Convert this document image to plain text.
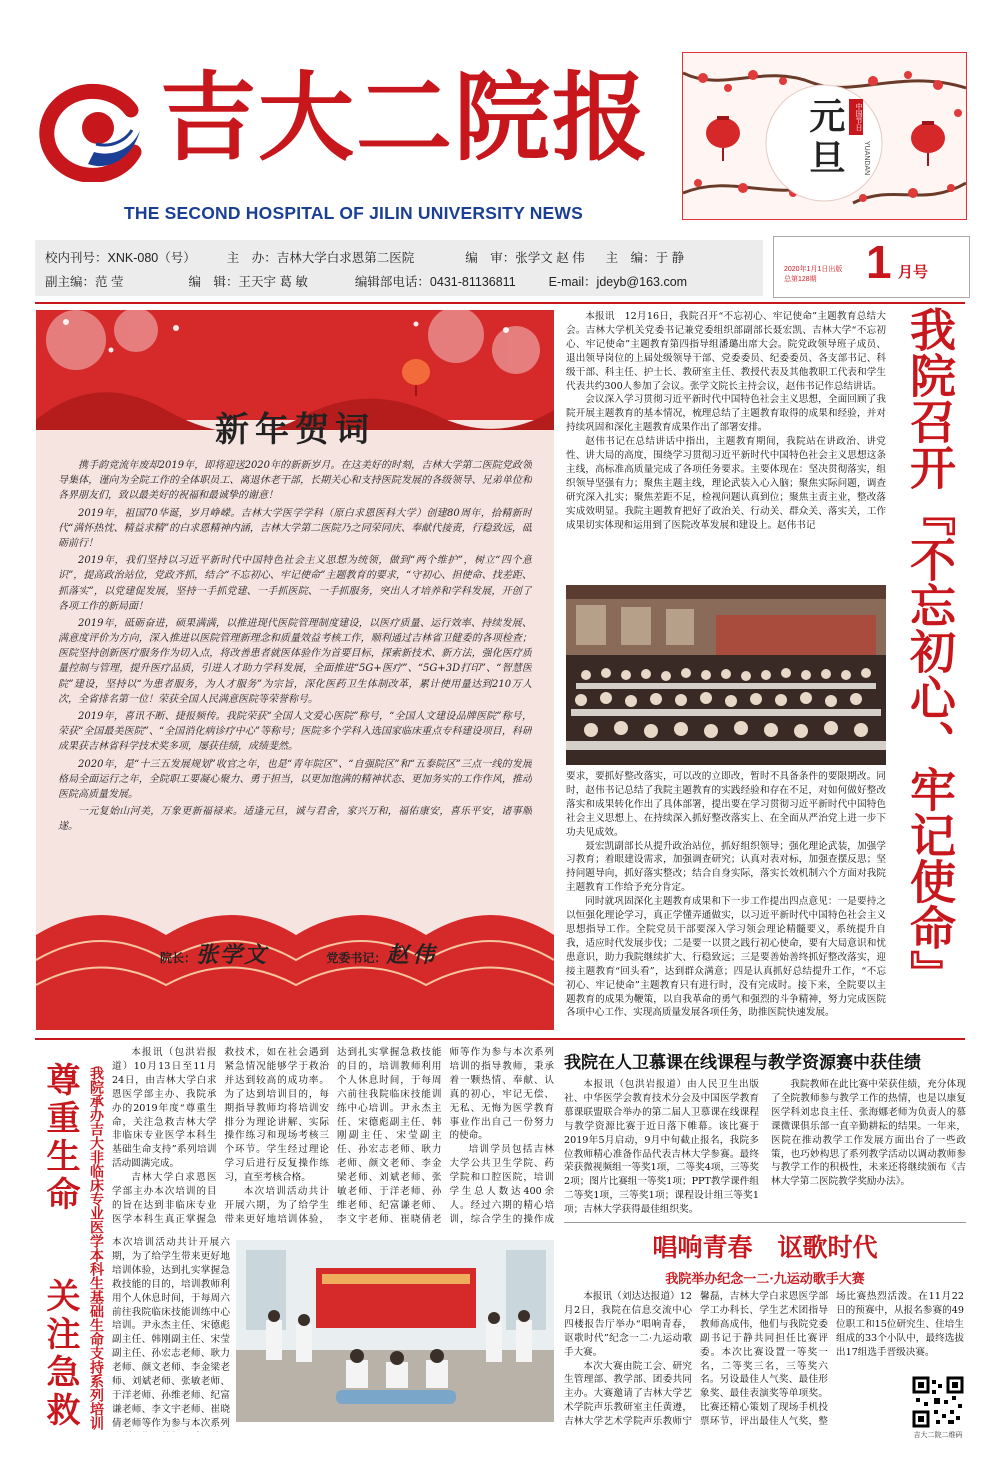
吉大二院报
THE SECOND HOSPITAL OF JILIN UNIVERSITY NEWS
元旦	中国节日
YUANDAN
校内刊号：XNK-080（号） 主　办：吉林大学白求恩第二医院	编　审：张学文 赵 伟 主　编：于 静
副主编：范 莹	编　辑：王天宇 葛 敏	编辑部电话：0431-81136811	E-mail：jdeyb@163.com
2020年1月1日出版
总第128期	1 月号
新年贺词

携手韵竞流年废却2019年，即将迎送2020年的新新岁月。在这美好的时刻，吉林大学第二医院党政领导集体，谨向为全院工作的全体职员工、离退休老干部，长期关心和支持医院发展的各级领导、兄弟单位和各界朋友们，致以最美好的祝福和最诚挚的谢意！

2019年，祖国70华诞，岁月峥嵘。吉林大学医学学科（原白求恩医科大学）创建80周年，拾精新时代“满怀热忱、精益求精”的白求恩精神内涵，吉林大学第二医院乃之同荣同庆、奉献代接责，行稳致远，砥砺前行！

2019年，我们坚持以习近平新时代中国特色社会主义思想为统领，做到“两个维护”，树立“四个意识”，提高政治站位，党政齐抓，结合“不忘初心、牢记使命”主题教育的要求，“守初心、担使命、找差距、抓落实”，以党建促发展，坚持一手抓党建、一手抓医院、一手抓服务，突出人才培养和学科发展，开创了各项工作的新局面！

2019年，砥砺奋进，硕果满满，以推进现代医院管理制度建设，以医疗质量、运行效率、持续发展、满意度评价为方向，深入推进以医院管理新理念和质量效益考核工作，顺利通过吉林省卫健委的各项检查；医院坚持创新医疗服务作为切入点，将改善患者就医体验作为首要目标，探索新技术、新方法，强化医疗质量控制与管理，提升医疗品质，引进人才助力学科发展，全面推进“5G+医疗”、“5G+3D打印”、“智慧医院”建设，坚持以“为患者服务，为人才服务”为宗旨，深化医药卫生体制改革，累计使用量达到210万人次，全省排名第一位！荣获全国人民满意医院等荣誉称号。

2019年，喜讯不断、捷报频传。我院荣获“全国人文爱心医院”称号，“全国人文建设品牌医院”称号，荣获“全国最美医院”、“全国消化病诊疗中心”等称号；医院多个学科入选国家临床重点专科建设项目，科研成果获吉林省科学技术奖多项，屡获佳绩，成绩斐然。

2020年，是“十三五发展规划”收官之年，也是“青年院区”、“自强院区”和“五泰院区”三点一线的发展格局全面运行之年，全院职工要凝心聚力、勇于担当，以更加饱满的精神状态、更加务实的工作作风，推动医院高质量发展。

一元复始山河美，万象更新福禄来。适逢元旦，诚与君舍，家兴万和，福佑康安，喜乐平安，诸事顺遂。

院长：张学文	党委书记：赵伟

本报讯　12月16日，我院召开“不忘初心、牢记使命”主题教育总结大会。吉林大学机关党委书记兼党委组织部副部长聂宏凯、吉林大学“不忘初心、牢记使命”主题教育第四指导组潘璐出席大会。院党政领导班子成员、退出领导岗位的上届处级领导干部、党委委员、纪委委员、各支部书记、科级干部、科主任、护士长、教研室主任、教授代表及其他教职工代表和学生代表共约300人参加了会议。张学文院长主持会议，赵伟书记作总结讲话。

会议深入学习贯彻习近平新时代中国特色社会主义思想，全面回顾了我院开展主题教育的基本情况，梳理总结了主题教育取得的成果和经验，并对持续巩固和深化主题教育成果作出了部署安排。

赵伟书记在总结讲话中指出，主题教育期间，我院站在讲政治、讲党性、讲大局的高度，围绕学习贯彻习近平新时代中国特色社会主义思想这条主线，高标准高质量完成了各项任务要求。主要体现在：坚决贯彻落实，组织领导坚强有力；聚焦主题主线，理论武装入心入脑；聚焦实际问题，调查研究深入扎实；聚焦差距不足，检视问题认真到位；聚焦主责主业，整改落实成效明显。我院主题教育把好了政治关、行动关、群众关、落实关，工作成果切实体现和运用到了医院改革发展和建设上。赵伟书记

要求，要抓好整改落实，可以改的立即改，暂时不具备条件的要限期改。同时，赵伟书记总结了我院主题教育的实践经验和存在不足，对如何做好整改落实和成果转化作出了具体部署，提出要在学习贯彻习近平新时代中国特色社会主义思想上、在持续深入抓好整改落实上、在全面从严治党上进一步下功夫见成效。

聂宏凯副部长从提升政治站位，抓好组织领导；强化理论武装，加强学习教育；着眼建设需求，加强调查研究；认真对表对标，加强查摆反思；坚持问题导向，抓好落实整改；结合自身实际，落实长效机制六个方面对我院主题教育工作给予充分肯定。

同时就巩固深化主题教育成果和下一步工作提出四点意见：一是要持之以恒强化理论学习，真正学懂弄通做实，以习近平新时代中国特色社会主义思想指导工作。全院党员干部要深入学习领会理论精髓要义，系统提升自我，适应时代发展步伐；二是要一以贯之践行初心使命，要有大局意识和忧患意识，助力我院继续扩大、行稳致远；三是要善始善终抓好整改落实，迎接主题教育“回头看”，达到群众满意；四是认真抓好总结提升工作，“不忘初心、牢记使命”主题教育只有进行时，没有完成时。接下来，全院要以主题教育的成果为鞭策，以自我革命的勇气和强烈的斗争精神，努力完成医院各项中心工作、实现高质量发展各项任务，助推医院快速发展。

我院召开『不忘初心、牢记使命』
尊重生命
关注急救 我院承办吉大非临床专业医学本科生基础生命支持系列培训

本报讯（包洪岩报道）10月13日至11月24日，由吉林大学白求恩医学部主办、我院承办的2019年度“尊重生命，关注急救吉林大学非临床专业医学本科生基础生命支持”系列培训活动圆满完成。

吉林大学白求恩医学部主办本次培训的目的旨在达到非临床专业医学本科生真正掌握急救技术，如在社会遇到紧急情况能够学于救治并达到较高的成功率。为了达到培训目的，每期指导教师均将培训安排分为理论讲解、实际操作练习和现场考核三个环节。学生经过理论学习后进行反复操作练习，直至考核合格。

本次培训活动共计开展六期，为了给学生带来更好地培训体验，达到扎实掌握急救技能的目的，培训教师利用个人休息时间，于每周六前往我院临床技能训练中心培训。尹永杰主任、宋德彪副主任、韩刚副主任、宋莹副主任、孙宏志老师、耿力老师、颜文老师、李金梁老师、刘斌老师、张敏老师、于洋老师、孙维老师、纪富谦老师、李文宇老师、崔晓倩老师等作为参与本次系列培训的指导教师，秉承着一颗热情、奉献、认真的初心，牢记无偿、无私、无悔为医学教育事业作出自己一份努力的使命。

培训学员包括吉林大学公共卫生学院、药学院和口腔医院，培训学生总人数达400余人。经过六期的精心培训，综合学生的操作成

本次培训活动共计开展六期，为了给学生带来更好地培训体验，达到扎实掌握急救技能的目的，培训教师利用个人休息时间，于每周六前往我院临床技能训练中心培训。尹永杰主任、宋德彪副主任、韩刚副主任、宋莹副主任、孙宏志老师、耿力老师、颜文老师、李金梁老师、刘斌老师、张敏老师、于洋老师、孙维老师、纪富谦老师、李文宇老师、崔晓倩老师等作为参与本次系列

我院在人卫慕课在线课程与教学资源赛中获佳绩

本报讯（包洪岩报道）由人民卫生出版社、中华医学会教育技术分会及中国医学教育慕课联盟联合举办的第二届人卫慕课在线课程与教学资源比赛于近日落下帷幕。该比赛于2019年5月启动，9月中旬截止报名，我院多位教师精心准备作品代表吉林大学参赛。最终荣获微视频组一等奖1项，二等奖4项，三等奖2项；图片比赛组一等奖1项；PPT教学课件组二等奖1项，三等奖1项；课程设计组三等奖1项；吉林大学获得最佳组织奖。

我院教师在此比赛中荣获佳绩，充分体现了全院教师参与教学工作的热情，也是以康复医学科刘忠良主任、张海娜老师为负责人的慕课微课俱乐部一直辛勤耕耘的结果。一年来，医院在推动教学工作发展方面出台了一些政策，也巧妙构思了系列教学活动以调动教师参与教学工作的积极性，未来还将继续颁布《吉林大学第二医院教学奖励办法》。

唱响青春　讴歌时代
我院举办纪念一二·九运动歌手大赛

本报讯（刘达达报道）12月2日，我院在信息交流中心四楼报告厅举办“唱响青春，讴歌时代”纪念一二·九运动歌手大赛。

本次大赛由院工会、研究生管理部、教学部、团委共同主办。大赛邀请了吉林大学艺术学院声乐教研室主任黄遵，吉林大学艺术学院声乐教师宁馨磊，吉林大学白求恩医学部学工办科长、学生艺术团指导教师高成伟，他们与我院党委副书记于静共同担任比赛评委。本次比赛设置一等奖一名，二等奖三名，三等奖六名。另设最佳人气奖、最佳形象奖、最佳表演奖等单项奖。比赛还精心策划了现场手机投票环节，评出最佳人气奖，整场比赛热烈活泼。在11月22日的预赛中，从报名参赛的49位职工和15位研究生、住培生组成的33个小队中，最终选拔出17组选手晋级决赛。

吉大二院二维码
